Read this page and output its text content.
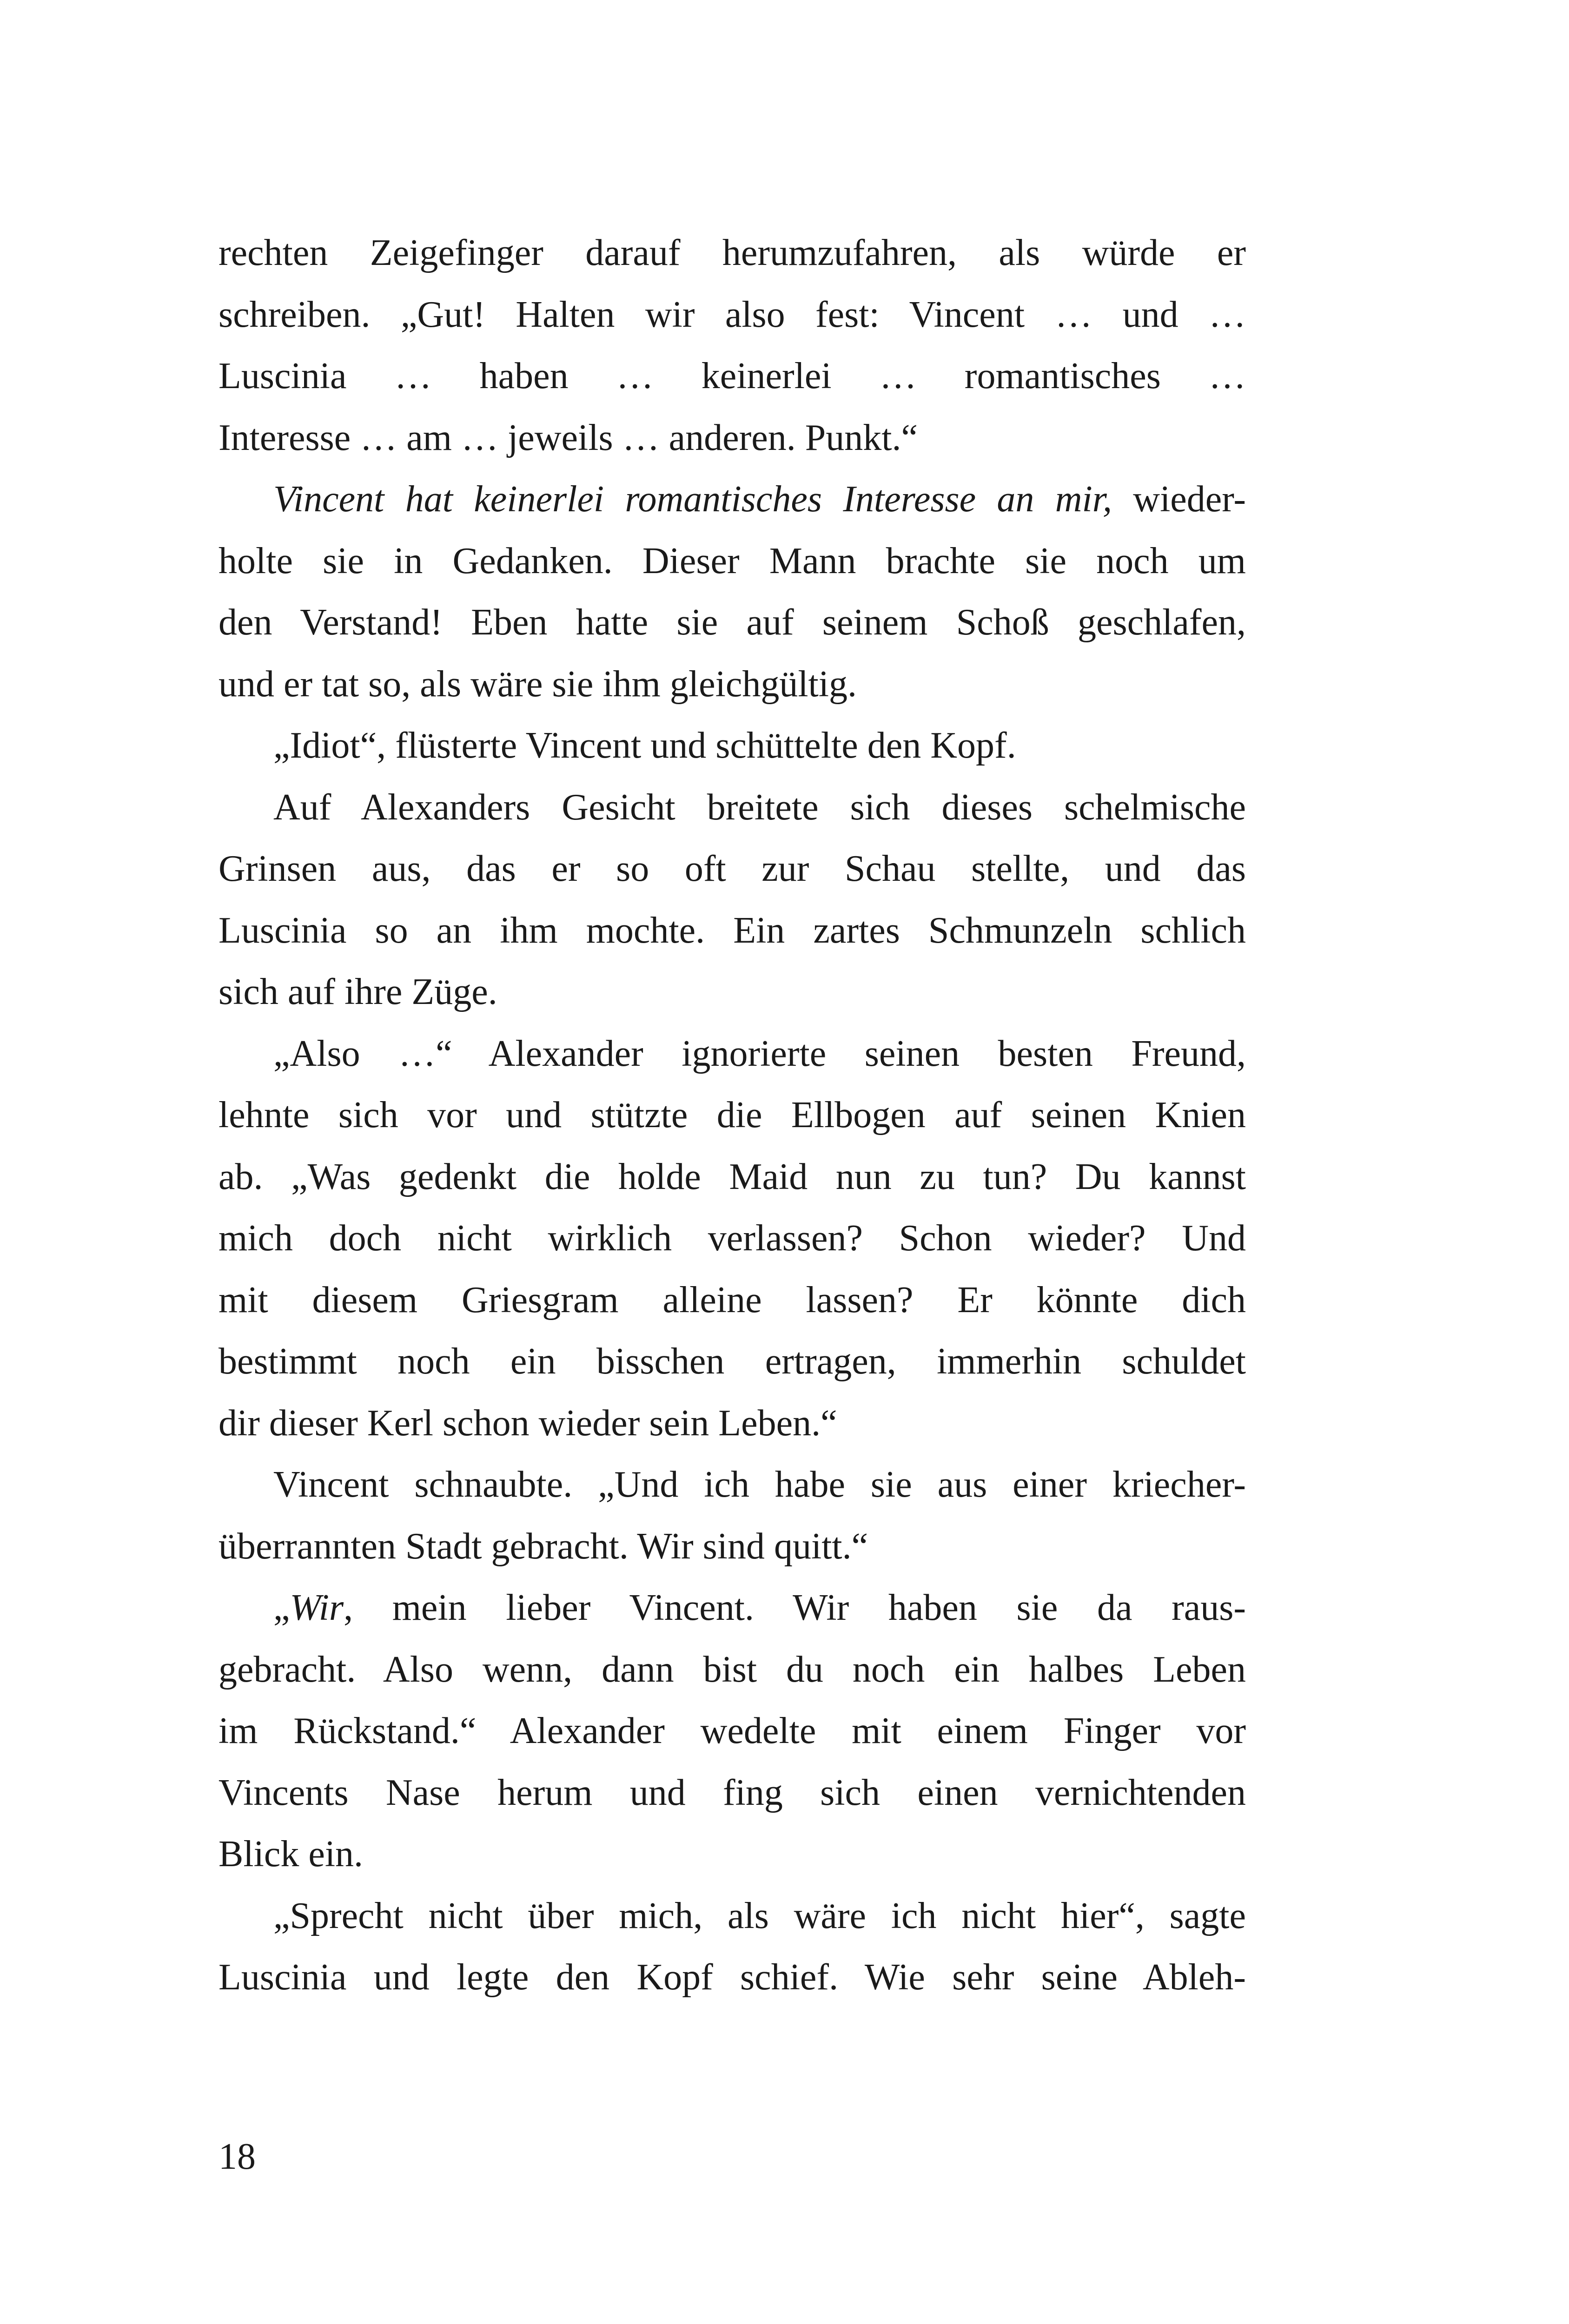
rechten Zeigefinger darauf herumzufahren, als würde er
schreiben. „Gut! Halten wir also fest: Vincent … und …
Luscinia … haben … keinerlei … romantisches …
Interesse … am … jeweils … anderen. Punkt.“

Vincent hat keinerlei romantisches Interesse an mir, wieder-
holte sie in Gedanken. Dieser Mann brachte sie noch um
den Verstand! Eben hatte sie auf seinem Schoß geschlafen,
und er tat so, als wäre sie ihm gleichgültig.

„Idiot“, flüsterte Vincent und schüttelte den Kopf.

Auf Alexanders Gesicht breitete sich dieses schelmische
Grinsen aus, das er so oft zur Schau stellte, und das
Luscinia so an ihm mochte. Ein zartes Schmunzeln schlich
sich auf ihre Züge.

„Also …“ Alexander ignorierte seinen besten Freund,
lehnte sich vor und stützte die Ellbogen auf seinen Knien
ab. „Was gedenkt die holde Maid nun zu tun? Du kannst
mich doch nicht wirklich verlassen? Schon wieder? Und
mit diesem Griesgram alleine lassen? Er könnte dich
bestimmt noch ein bisschen ertragen, immerhin schuldet
dir dieser Kerl schon wieder sein Leben.“

Vincent schnaubte. „Und ich habe sie aus einer kriecher-
überrannten Stadt gebracht. Wir sind quitt.“

„Wir, mein lieber Vincent. Wir haben sie da raus-
gebracht. Also wenn, dann bist du noch ein halbes Leben
im Rückstand.“ Alexander wedelte mit einem Finger vor
Vincents Nase herum und fing sich einen vernichtenden
Blick ein.

„Sprecht nicht über mich, als wäre ich nicht hier“, sagte
Luscinia und legte den Kopf schief. Wie sehr seine Ableh-

18
